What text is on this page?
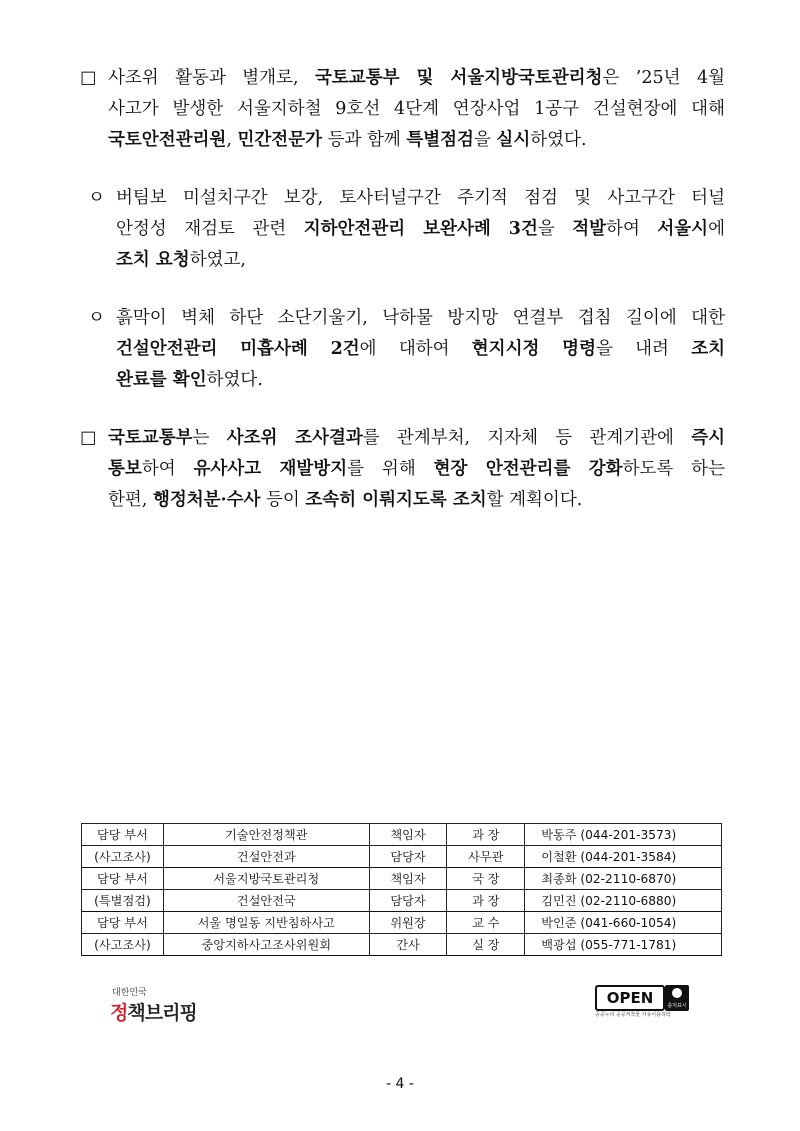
□ 사조위 활동과 별개로, 국토교통부 및 서울지방국토관리청은 ’25년 4월
사고가 발생한 서울지하철 9호선 4단계 연장사업 1공구 건설현장에 대해
국토안전관리원, 민간전문가 등과 함께 특별점검을 실시하였다.
ㅇ 버팀보 미설치구간 보강, 토사터널구간 주기적 점검 및 사고구간 터널
안정성 재검토 관련 지하안전관리 보완사례 3건을 적발하여 서울시에
조치 요청하였고,
ㅇ 흙막이 벽체 하단 소단기울기, 낙하물 방지망 연결부 겹침 길이에 대한
건설안전관리 미흡사례 2건에 대하여 현지시정 명령을 내려 조치
완료를 확인하였다.
□ 국토교통부는 사조위 조사결과를 관계부처, 지자체 등 관계기관에 즉시
통보하여 유사사고 재발방지를 위해 현장 안전관리를 강화하도록 하는
한편, 행정처분·수사 등이 조속히 이뤄지도록 조치할 계획이다.
담당 부서	기술안전정책관	책임자	과 장	박동주 (044-201-3573)
(사고조사)	건설안전과	담당자	사무관	이철환 (044-201-3584)
담당 부서	서울지방국토관리청	책임자	국 장	최종화 (02-2110-6870)
(특별점검)	건설안전국	담당자	과 장	김민진 (02-2110-6880)
담당 부서	서울 명일동 지반침하사고	위원장	교 수	박인준 (041-660-1054)
(사고조사)	중앙지하사고조사위원회	간사	실 장	백광섭 (055-771-1781)
대한민국
정책브리핑
OPEN	출처표시
공공누리 공공저작물 자유이용허락
- 4 -
